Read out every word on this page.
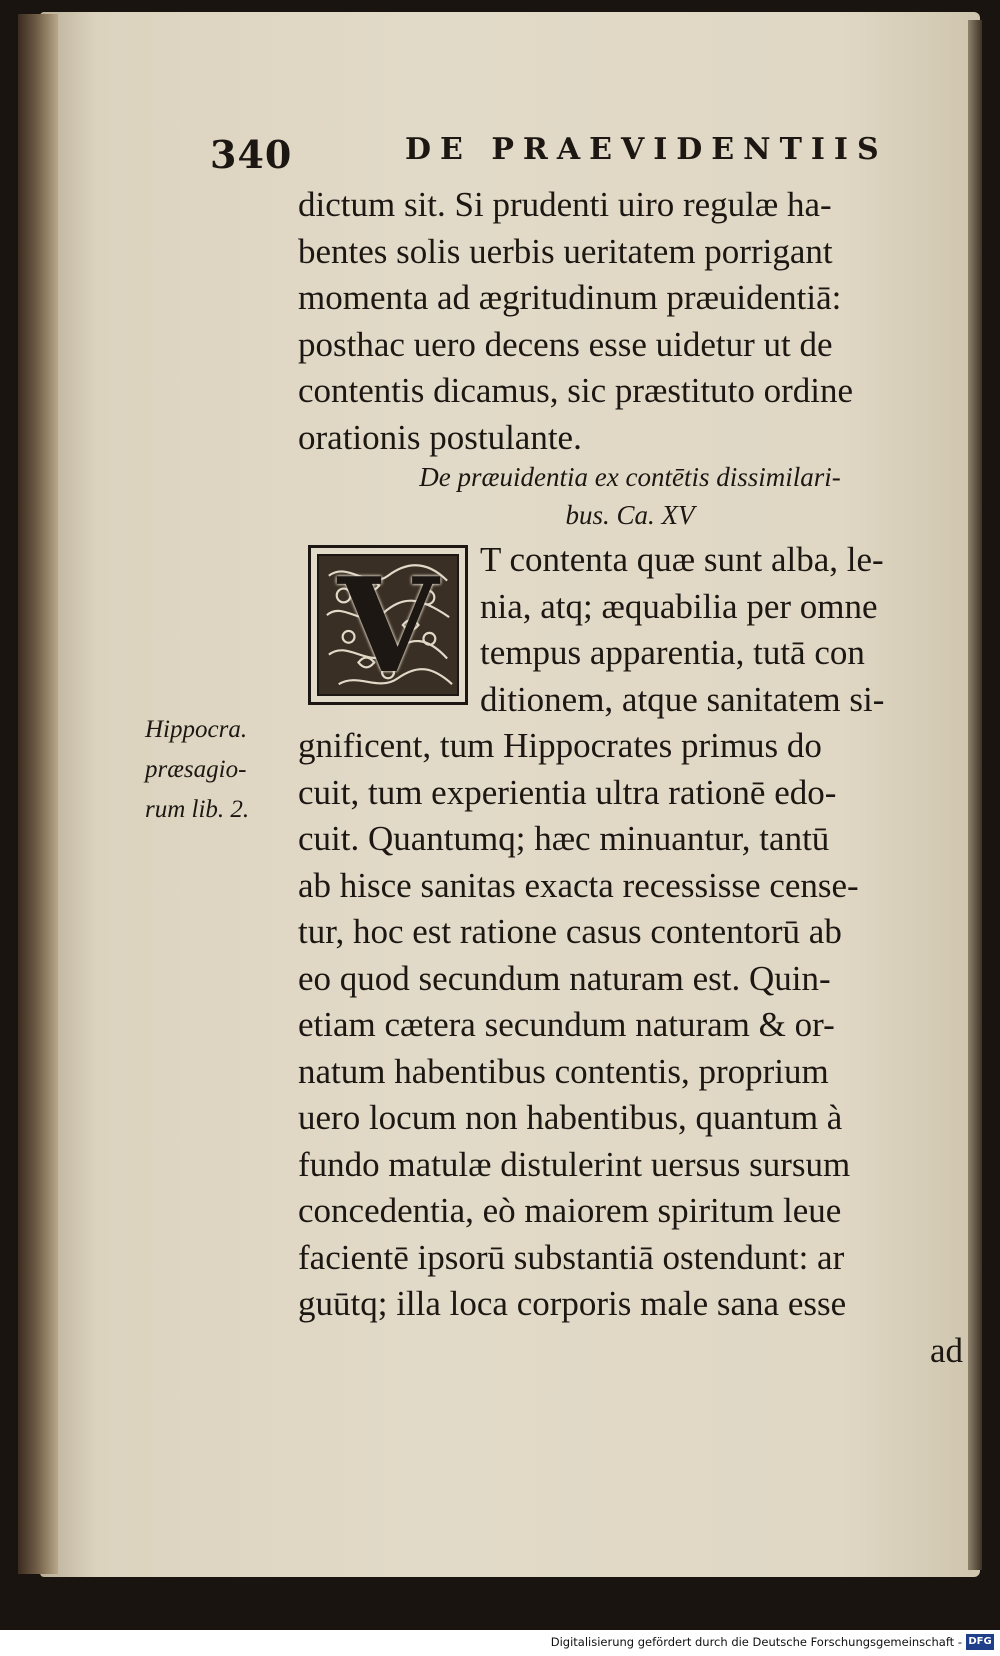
340	DE PRAEVIDENTIIS
dictum sit. Si prudenti uiro regulæ ha-
bentes solis uerbis ueritatem porrigant
momenta ad ægritudinum præuidentiā:
posthac uero decens esse uidetur ut de
contentis dicamus, sic præstituto ordine
orationis postulante.
De præuidentia ex contētis dissimilari-
bus. Ca. XV
V	T contenta quæ sunt alba, le-
nia, atq; æquabilia per omne
tempus apparentia, tutā con
ditionem, atque sanitatem si-
gnificent, tum Hippocrates primus do
cuit, tum experientia ultra rationē edo-
cuit. Quantumq; hæc minuantur, tantū
ab hisce sanitas exacta recessisse cense-
tur, hoc est ratione casus contentorū ab
eo quod secundum naturam est. Quin-
etiam cætera secundum naturam & or-
natum habentibus contentis, proprium
uero locum non habentibus, quantum à
fundo matulæ distulerint uersus sursum
concedentia, eò maiorem spiritum leue
facientē ipsorū substantiā ostendunt: ar
guūtq; illa loca corporis male sana esse
ad
Hippocra.
præsagio-
rum lib. 2.
Digitalisierung gefördert durch die Deutsche Forschungsgemeinschaft - DFG
